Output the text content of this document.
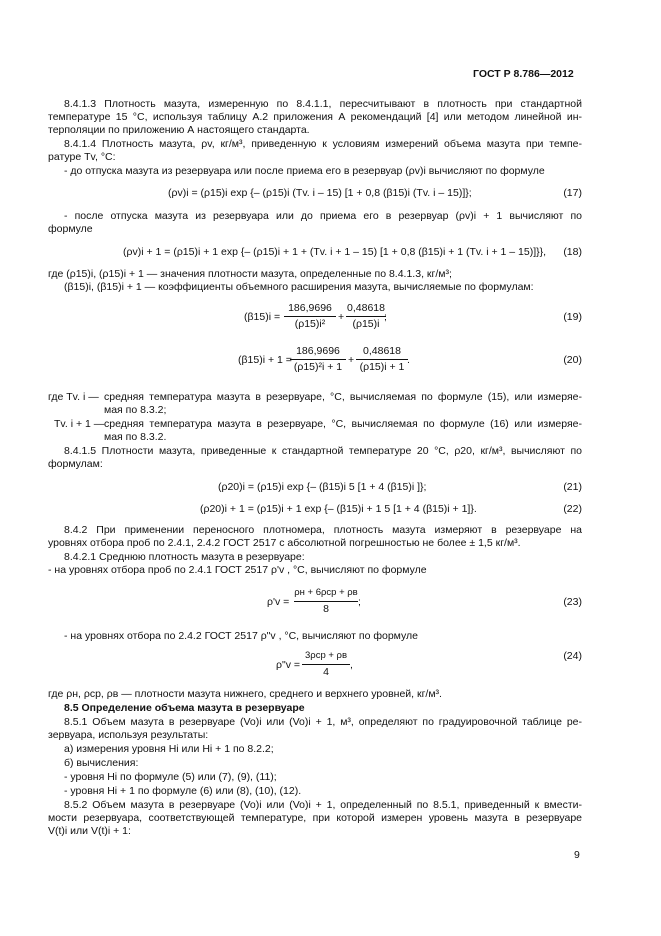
ГОСТ Р 8.786—2012
8.4.1.3 Плотность мазута, измеренную по 8.4.1.1, пересчитывают в плотность при стандартной
температуре 15 °С, используя таблицу А.2 приложения А рекомендаций [4] или методом линейной ин-
терполяции по приложению А настоящего стандарта.
8.4.1.4 Плотность мазута, ρv, кг/м³, приведенную к условиям измерений объема мазута при темпе-
ратуре Tv, °С:
- до отпуска мазута из резервуара или после приема его в резервуар (ρv)i вычисляют по формуле
(ρv)i = (ρ15)i exp {– (ρ15)i (Tv. i – 15) [1 + 0,8 (β15)i (Tv. i – 15)]};	(17)
- после отпуска мазута из резервуара или до приема его в резервуар (ρv)i + 1 вычисляют по
формуле
(ρv)i + 1 = (ρ15)i + 1 exp {– (ρ15)i + 1 + (Tv. i + 1 – 15) [1 + 0,8 (β15)i + 1 (Tv. i + 1 – 15)]}}, (18)
где (ρ15)i, (ρ15)i + 1 — значения плотности мазута, определенные по 8.4.1.3, кг/м³;
(β15)i, (β15)i + 1 — коэффициенты объемного расширения мазута, вычисляемые по формулам:
(β15)i =
186,9696
(ρ15)i²
+
0,48618
(ρ15)i
;	(19)
(β15)i + 1 =
186,9696
(ρ15)²i + 1
+
0,48618
(ρ15)i + 1
.	(20)
где Tv. i — средняя температура мазута в резервуаре, °С, вычисляемая по формуле (15), или измеряе-
мая по 8.3.2;
Tv. i + 1 — средняя температура мазута в резервуаре, °С, вычисляемая по формуле (16) или измеряе-
мая по 8.3.2.
8.4.1.5 Плотности мазута, приведенные к стандартной температуре 20 °С, ρ20, кг/м³, вычисляют по
формулам:
(ρ20)i = (ρ15)i exp {– (β15)i 5 [1 + 4 (β15)i ]};	(21)
(ρ20)i + 1 = (ρ15)i + 1 exp {– (β15)i + 1 5 [1 + 4 (β15)i + 1]}.	(22)
8.4.2 При применении переносного плотномера, плотность мазута измеряют в резервуаре на
уровнях отбора проб по 2.4.1, 2.4.2 ГОСТ 2517 с абсолютной погрешностью не более ± 1,5 кг/м³.
8.4.2.1 Среднюю плотность мазута в резервуаре:
- на уровнях отбора проб по 2.4.1 ГОСТ 2517 ρ'v , °С, вычисляют по формуле
ρ'v =
ρн + 6ρср + ρв
8
;	(23)
- на уровнях отбора по 2.4.2 ГОСТ 2517 ρ"v , °С, вычисляют по формуле
ρ"v =
3ρср + ρв
4
,
(24)
где ρн, ρср, ρв — плотности мазута нижнего, среднего и верхнего уровней, кг/м³.
8.5 Определение объема мазута в резервуаре
8.5.1 Объем мазута в резервуаре (Vo)i или (Vo)i + 1, м³, определяют по градуировочной таблице ре-
зервуара, используя результаты:
а) измерения уровня Hi или Hi + 1 по 8.2.2;
б) вычисления:
- уровня Hi по формуле (5) или (7), (9), (11);
- уровня Hi + 1 по формуле (6) или (8), (10), (12).
8.5.2 Объем мазута в резервуаре (Vo)i или (Vo)i + 1, определенный по 8.5.1, приведенный к вмести-
мости резервуара, соответствующей температуре, при которой измерен уровень мазута в резервуаре
V(t)i или V(t)i + 1:
9
